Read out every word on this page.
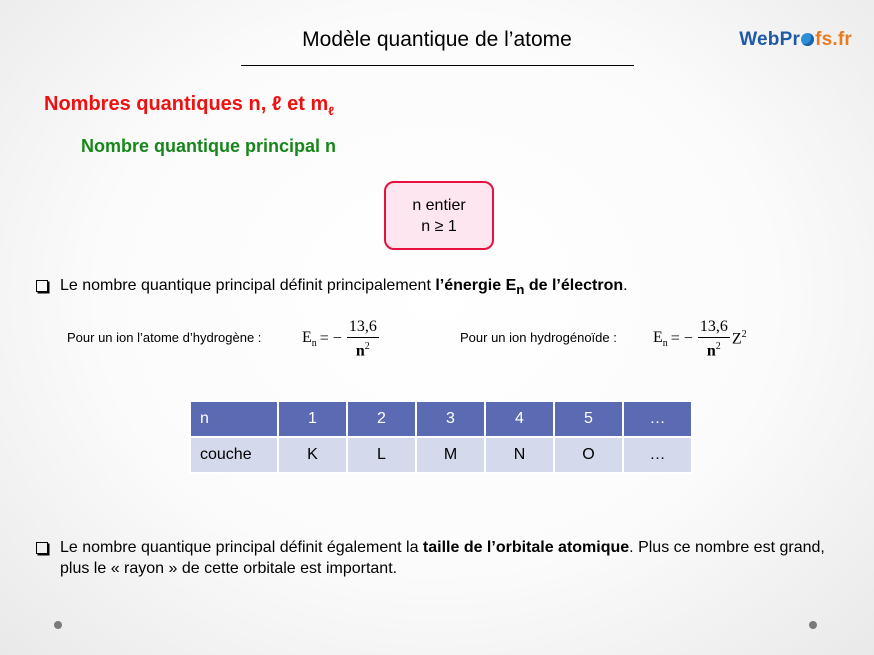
Modèle quantique de l’atome	WebPr fs.fr
Nombres quantiques n, ℓ et $m_\ell$
Nombre quantique principal n
n entier
n ≥ 1
Le nombre quantique principal définit principalement l’énergie $E_n$ de l’électron.
Pour un ion l’atome d’hydrogène :	$E_n$ = − $\frac{13,6}{n^2}$	Pour un ion hydrogénoïde : $E_n$ = − $\frac{13,6}{n^2} Z^2$
n	1	2	3	4	5	…
couche	K	L	M	N	O	…
Le nombre quantique principal définit également la taille de l’orbitale atomique. Plus ce nombre est grand, plus le « rayon » de cette orbitale est important.
